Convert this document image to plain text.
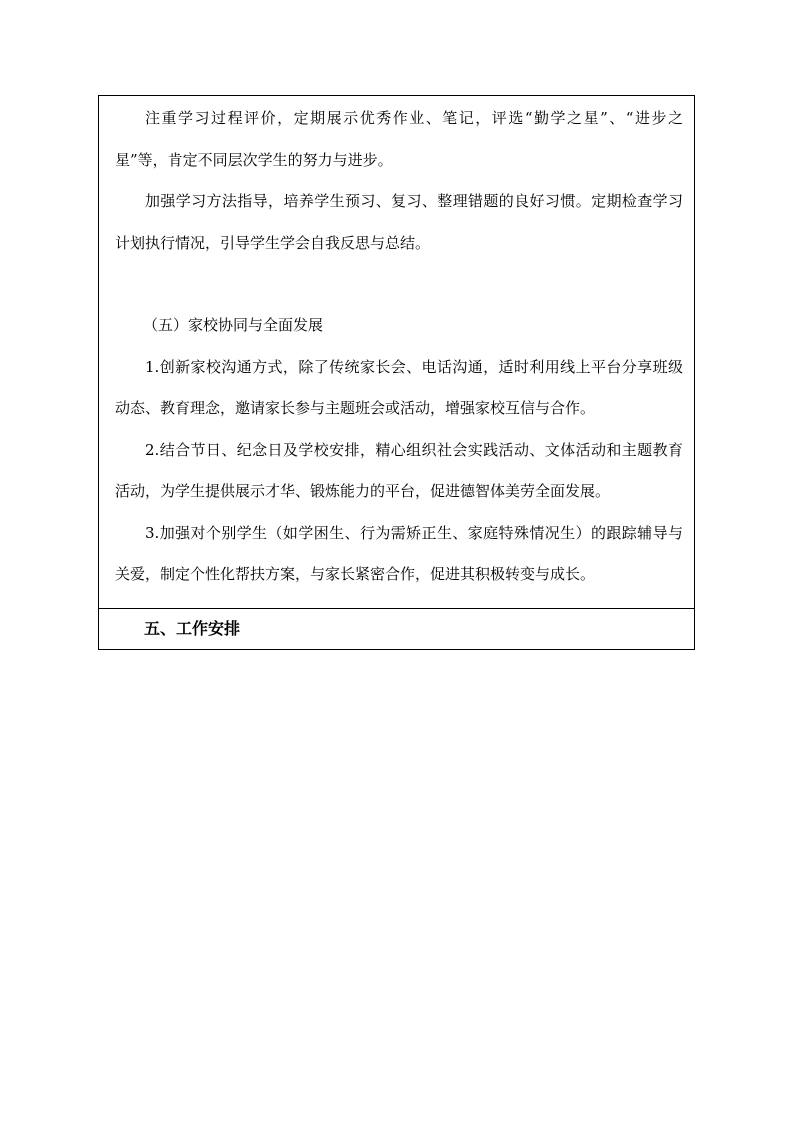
注重学习过程评价，定期展示优秀作业、笔记，评选“勤学之星”、“进步之星”等，肯定不同层次学生的努力与进步。

加强学习方法指导，培养学生预习、复习、整理错题的良好习惯。定期检查学习计划执行情况，引导学生学会自我反思与总结。

（五）家校协同与全面发展

1.创新家校沟通方式，除了传统家长会、电话沟通，适时利用线上平台分享班级动态、教育理念，邀请家长参与主题班会或活动，增强家校互信与合作。

2.结合节日、纪念日及学校安排，精心组织社会实践活动、文体活动和主题教育活动，为学生提供展示才华、锻炼能力的平台，促进德智体美劳全面发展。

3.加强对个别学生（如学困生、行为需矫正生、家庭特殊情况生）的跟踪辅导与关爱，制定个性化帮扶方案，与家长紧密合作，促进其积极转变与成长。

五、工作安排
